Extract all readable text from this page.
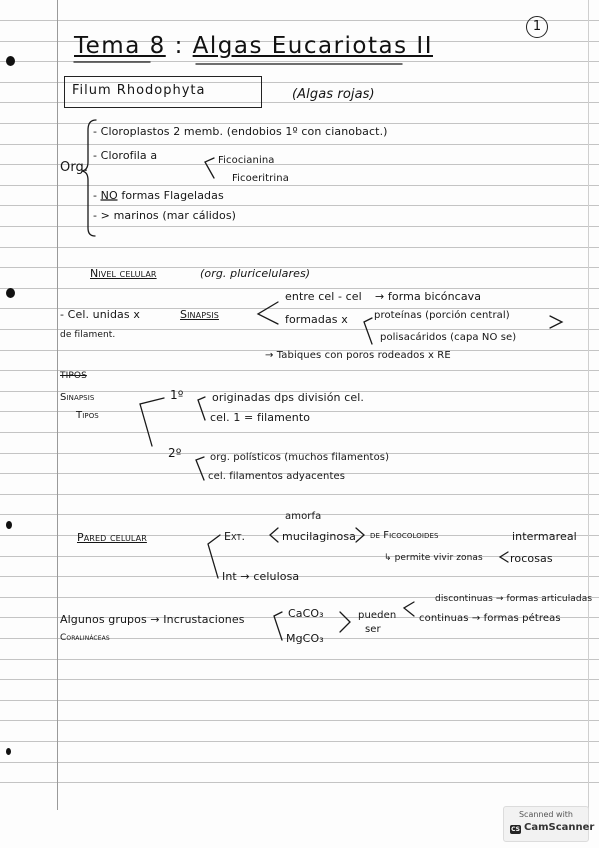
1
Tema 8 : Algas Eucariotas II
Filum Rhodophyta	(Algas rojas)
Org.
- Cloroplastos 2 memb. (endobios 1º con cianobact.)
- Clorofila a	Ficocianina
Ficoeritrina
- NO formas Flageladas
- > marinos (mar cálidos)
Nivel celular	(org. pluricelulares)
entre cel - cel → forma bicóncava
- Cel. unidas x	Sinapsis	formadas x	proteínas (porción central)
de filament.	polisacáridos (capa NO se)
→ Tabiques con poros rodeados x RE
TIPOS
Sinapsis
Tipos
1º	originadas dps división cel.
cel. 1 = filamento
2º	org. polísticos (muchos filamentos)
cel. filamentos adyacentes
amorfa
Pared celular	Ext.	mucilaginosa de Ficocoloides	intermareal
↳ permite vivir zonas rocosas
Int → celulosa
discontinuas → formas articuladas
CaCO₃
Algunos grupos → Incrustaciones	pueden continuas → formas pétreas
ser
Coralináceas	MgCO₃
Scanned with
CS CamScanner
